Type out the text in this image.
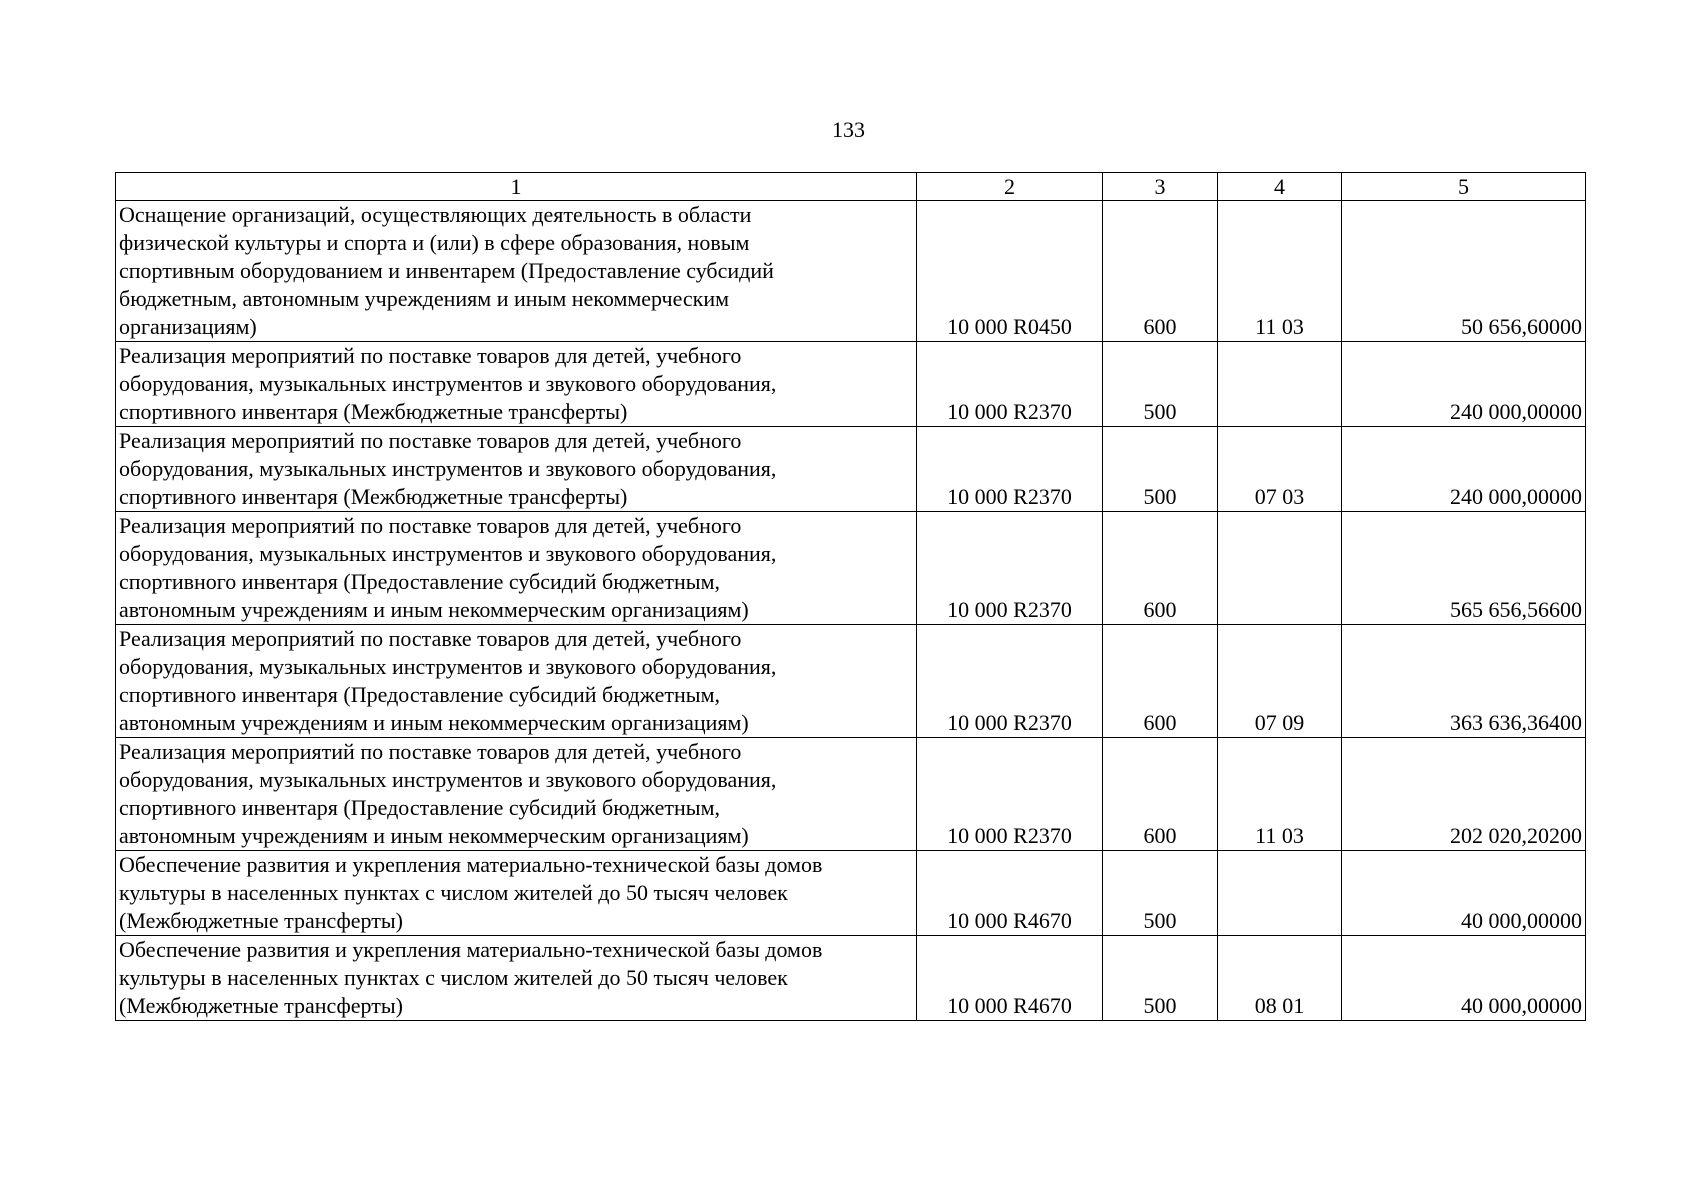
133
1	2	3	4	5

Оснащение организаций, осуществляющих деятельность в области
физической культуры и спорта и (или) в сфере образования, новым
спортивным оборудованием и инвентарем (Предоставление субсидий
бюджетным, автономным учреждениям и иным некоммерческим
организациям)	10 000 R0450	600	11 03	50 656,60000

Реализация мероприятий по поставке товаров для детей, учебного
оборудования, музыкальных инструментов и звукового оборудования,
спортивного инвентаря (Межбюджетные трансферты)	10 000 R2370	500		240 000,00000

Реализация мероприятий по поставке товаров для детей, учебного
оборудования, музыкальных инструментов и звукового оборудования,
спортивного инвентаря (Межбюджетные трансферты)	10 000 R2370	500	07 03	240 000,00000

Реализация мероприятий по поставке товаров для детей, учебного
оборудования, музыкальных инструментов и звукового оборудования,
спортивного инвентаря (Предоставление субсидий бюджетным,
автономным учреждениям и иным некоммерческим организациям)	10 000 R2370	600		565 656,56600

Реализация мероприятий по поставке товаров для детей, учебного
оборудования, музыкальных инструментов и звукового оборудования,
спортивного инвентаря (Предоставление субсидий бюджетным,
автономным учреждениям и иным некоммерческим организациям)	10 000 R2370	600	07 09	363 636,36400

Реализация мероприятий по поставке товаров для детей, учебного
оборудования, музыкальных инструментов и звукового оборудования,
спортивного инвентаря (Предоставление субсидий бюджетным,
автономным учреждениям и иным некоммерческим организациям)	10 000 R2370	600	11 03	202 020,20200

Обеспечение развития и укрепления материально-технической базы домов
культуры в населенных пунктах с числом жителей до 50 тысяч человек
(Межбюджетные трансферты)	10 000 R4670	500		40 000,00000

Обеспечение развития и укрепления материально-технической базы домов
культуры в населенных пунктах с числом жителей до 50 тысяч человек
(Межбюджетные трансферты)	10 000 R4670	500	08 01	40 000,00000
